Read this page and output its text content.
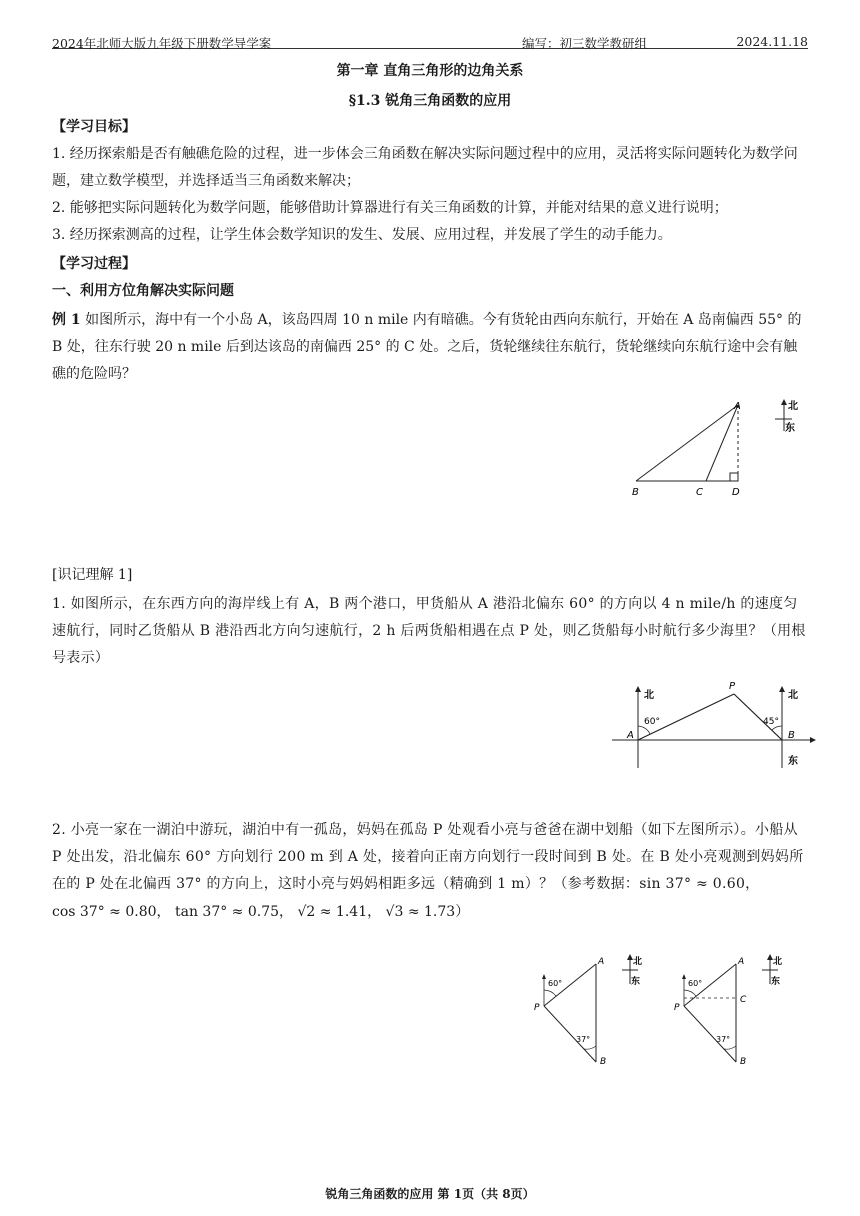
2024年北师大版九年级下册数学导学案	编写：初三数学教研组	2024.11.18
第一章 直角三角形的边角关系
§1.3 锐角三角函数的应用
【学习目标】
1. 经历探索船是否有触礁危险的过程，进一步体会三角函数在解决实际问题过程中的应用，灵活将实际问题转化为数学问题，建立数学模型，并选择适当三角函数来解决；
2. 能够把实际问题转化为数学问题，能够借助计算器进行有关三角函数的计算，并能对结果的意义进行说明；
3. 经历探索测高的过程，让学生体会数学知识的发生、发展、应用过程，并发展了学生的动手能力。
【学习过程】
一、利用方位角解决实际问题
例 1 如图所示，海中有一个小岛 A，该岛四周 10 n mile 内有暗礁。今有货轮由西向东航行，开始在 A 岛南偏西 55° 的 B 处，往东行驶 20 n mile 后到达该岛的南偏西 25° 的 C 处。之后，货轮继续往东航行，货轮继续向东航行途中会有触礁的危险吗？
A
B	C	D
北
东
[识记理解 1]
1. 如图所示，在东西方向的海岸线上有 A，B 两个港口，甲货船从 A 港沿北偏东 60° 的方向以 4 n mile/h 的速度匀速航行，同时乙货船从 B 港沿西北方向匀速航行，2 h 后两货船相遇在点 P 处，则乙货船每小时航行多少海里？（用根号表示）
P
A	B
60°	45°
北	北
东
2. 小亮一家在一湖泊中游玩，湖泊中有一孤岛，妈妈在孤岛 P 处观看小亮与爸爸在湖中划船（如下左图所示）。小船从 P 处出发，沿北偏东 60° 方向划行 200 m 到 A 处，接着向正南方向划行一段时间到 B 处。在 B 处小亮观测到妈妈所在的 P 处在北偏西 37° 的方向上，这时小亮与妈妈相距多远（精确到 1 m）？（参考数据：sin 37° ≈ 0.60，
cos 37° ≈ 0.80， tan 37° ≈ 0.75， √2 ≈ 1.41， √3 ≈ 1.73）
60°
37°
P
A
B
北
东	60°
37°
P
A
C
B
北
东
锐角三角函数的应用 第 1页（共 8页）
